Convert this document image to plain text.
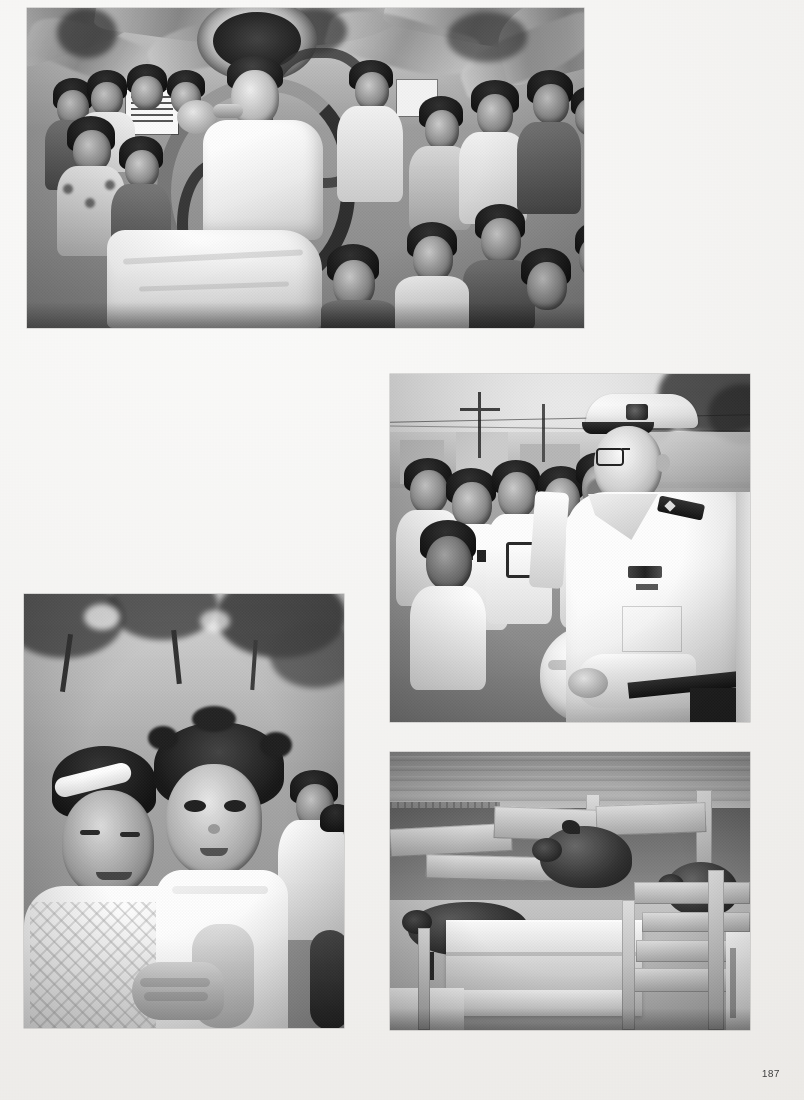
187
